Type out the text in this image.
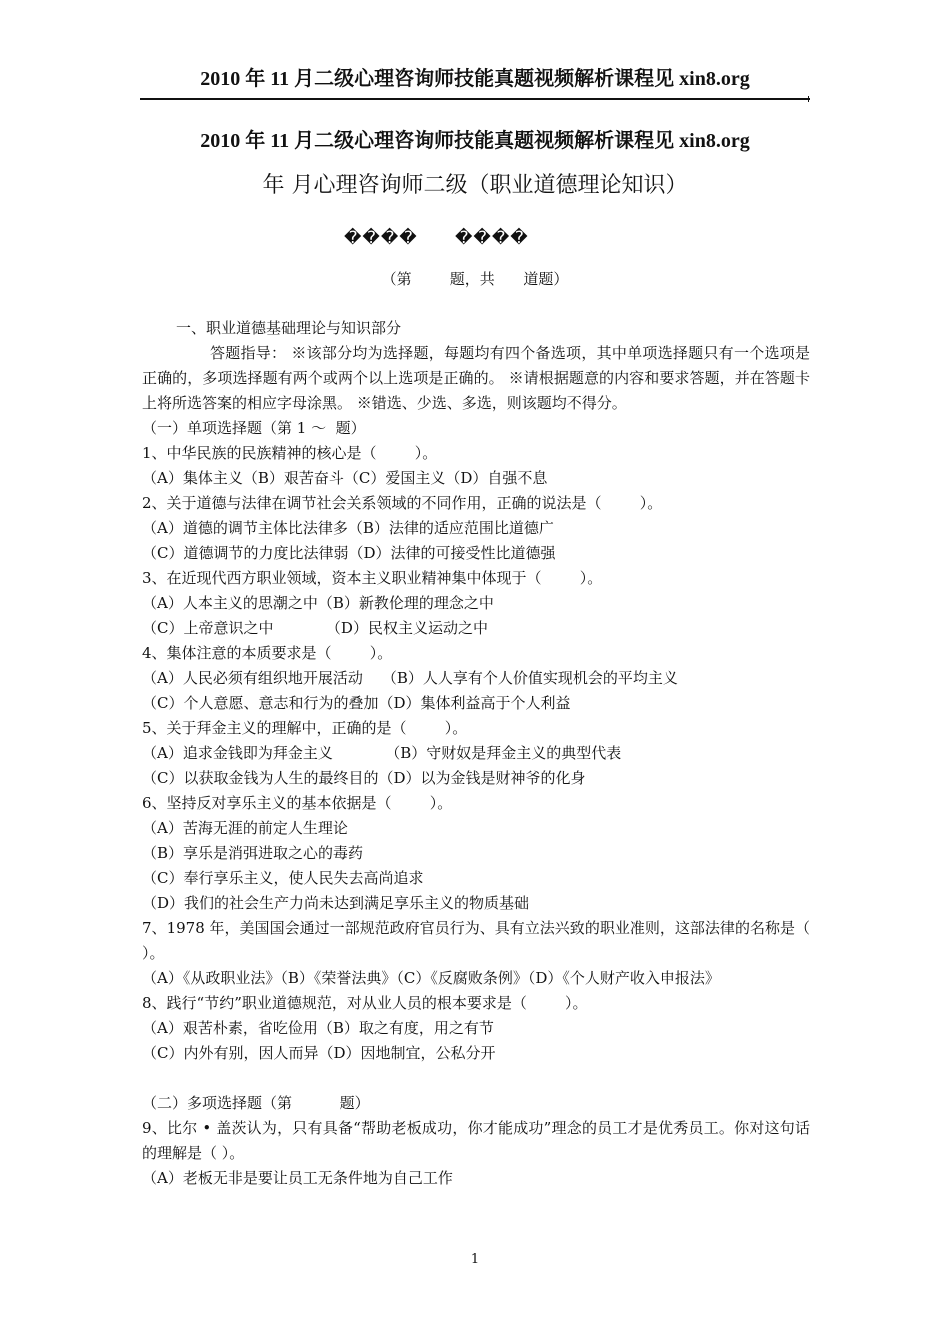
2010 年 11 月二级心理咨询师技能真题视频解析课程见 xin8.org
2010 年 11 月二级心理咨询师技能真题视频解析课程见 xin8.org
年 月心理咨询师二级（职业道德理论知识）
���� ����
（第        题，共      道题）
一、职业道德基础理论与知识部分
答题指导： ※该部分均为选择题，每题均有四个备选项，其中单项选择题只有一个选项是正确的，多项选择题有两个或两个以上选项是正确的。 ※请根据题意的内容和要求答题，并在答题卡上将所选答案的相应字母涂黑。 ※错选、少选、多选，则该题均不得分。
（一）单项选择题（第 1 ～  题）
1、中华民族的民族精神的核心是（        ）。
（A）集体主义（B）艰苦奋斗（C）爱国主义（D）自强不息
2、关于道德与法律在调节社会关系领域的不同作用，正确的说法是（        ）。
（A）道德的调节主体比法律多（B）法律的适应范围比道德广
（C）道德调节的力度比法律弱（D）法律的可接受性比道德强
3、在近现代西方职业领域，资本主义职业精神集中体现于（        ）。
（A）人本主义的思潮之中（B）新教伦理的理念之中
（C）上帝意识之中           （D）民权主义运动之中
4、集体注意的本质要求是（        ）。
（A）人民必须有组织地开展活动    （B）人人享有个人价值实现机会的平均主义
（C）个人意愿、意志和行为的叠加（D）集体利益高于个人利益
5、关于拜金主义的理解中，正确的是（        ）。
（A）追求金钱即为拜金主义           （B）守财奴是拜金主义的典型代表
（C）以获取金钱为人生的最终目的（D）以为金钱是财神爷的化身
6、坚持反对享乐主义的基本依据是（        ）。
（A）苦海无涯的前定人生理论
（B）享乐是消弭进取之心的毒药
（C）奉行享乐主义，使人民失去高尚追求
（D）我们的社会生产力尚未达到满足享乐主义的物质基础
7、1978 年，美国国会通过一部规范政府官员行为、具有立法兴致的职业准则，这部法律的名称是（ ）。
（A）《从政职业法》（B）《荣誉法典》（C）《反腐败条例》（D）《个人财产收入申报法》
8、践行“节约”职业道德规范，对从业人员的根本要求是（        ）。
（A）艰苦朴素，省吃俭用（B）取之有度，用之有节
（C）内外有别，因人而异（D）因地制宜，公私分开
（二）多项选择题（第          题）
9、比尔 • 盖茨认为，只有具备“帮助老板成功，你才能成功”理念的员工才是优秀员工。你对这句话的理解是（ ）。
（A）老板无非是要让员工无条件地为自己工作
1
